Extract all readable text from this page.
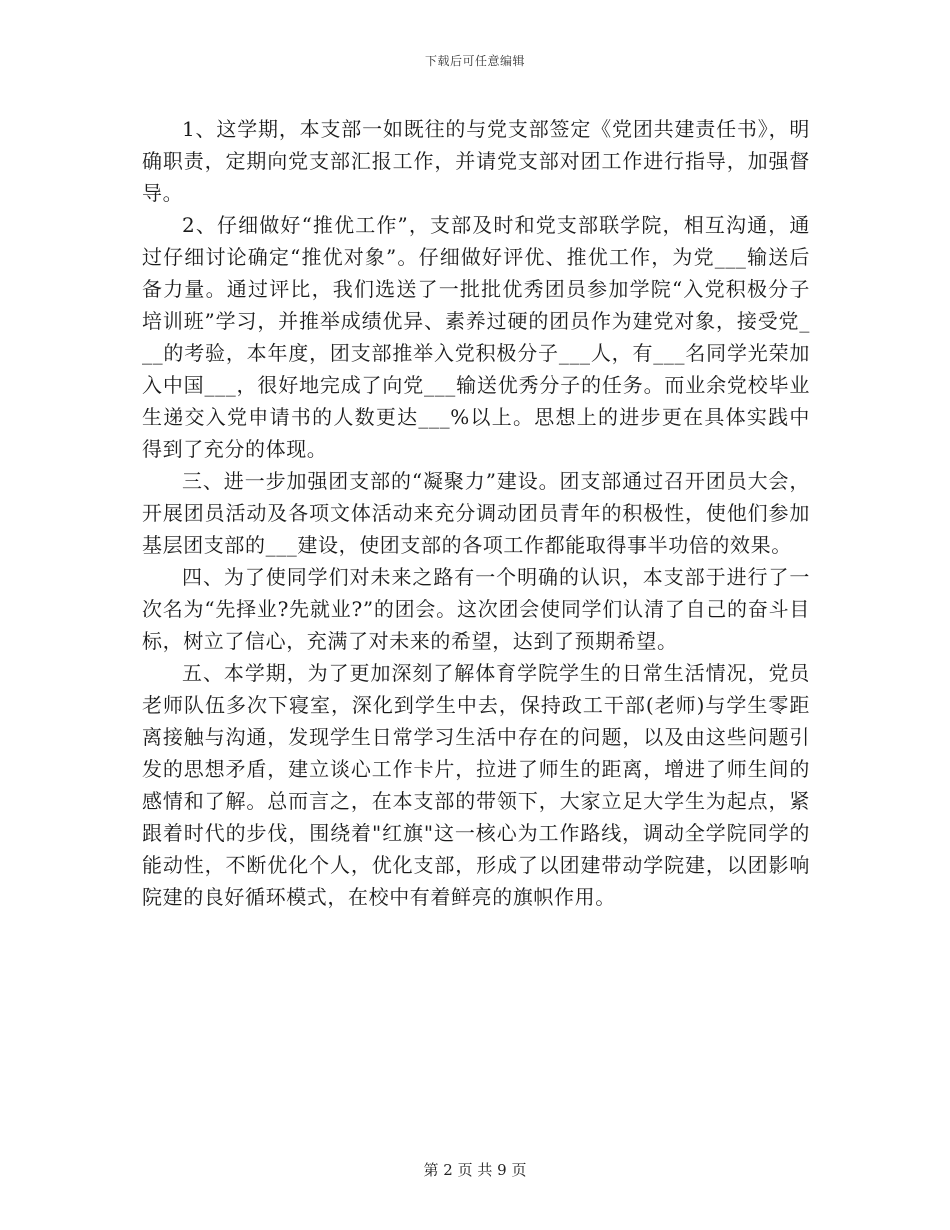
下载后可任意编辑

1、这学期，本支部一如既往的与党支部签定《党团共建责任书》，明确职责，定期向党支部汇报工作，并请党支部对团工作进行指导，加强督导。

2、仔细做好“推优工作”，支部及时和党支部联学院，相互沟通，通过仔细讨论确定“推优对象”。仔细做好评优、推优工作，为党___输送后备力量。通过评比，我们选送了一批批优秀团员参加学院“入党积极分子培训班”学习，并推举成绩优异、素养过硬的团员作为建党对象，接受党___的考验，本年度，团支部推举入党积极分子___人，有___名同学光荣加入中国___，很好地完成了向党___输送优秀分子的任务。而业余党校毕业生递交入党申请书的人数更达___%以上。思想上的进步更在具体实践中得到了充分的体现。

三、进一步加强团支部的“凝聚力”建设。团支部通过召开团员大会，开展团员活动及各项文体活动来充分调动团员青年的积极性，使他们参加基层团支部的___建设，使团支部的各项工作都能取得事半功倍的效果。

四、为了使同学们对未来之路有一个明确的认识，本支部于进行了一次名为“先择业?先就业?”的团会。这次团会使同学们认清了自己的奋斗目标，树立了信心，充满了对未来的希望，达到了预期希望。

五、本学期，为了更加深刻了解体育学院学生的日常生活情况，党员老师队伍多次下寝室，深化到学生中去，保持政工干部(老师)与学生零距离接触与沟通，发现学生日常学习生活中存在的问题，以及由这些问题引发的思想矛盾，建立谈心工作卡片，拉进了师生的距离，增进了师生间的感情和了解。总而言之，在本支部的带领下，大家立足大学生为起点，紧跟着时代的步伐，围绕着"红旗"这一核心为工作路线，调动全学院同学的能动性，不断优化个人，优化支部，形成了以团建带动学院建，以团影响院建的良好循环模式，在校中有着鲜亮的旗帜作用。

第 2 页 共 9 页
